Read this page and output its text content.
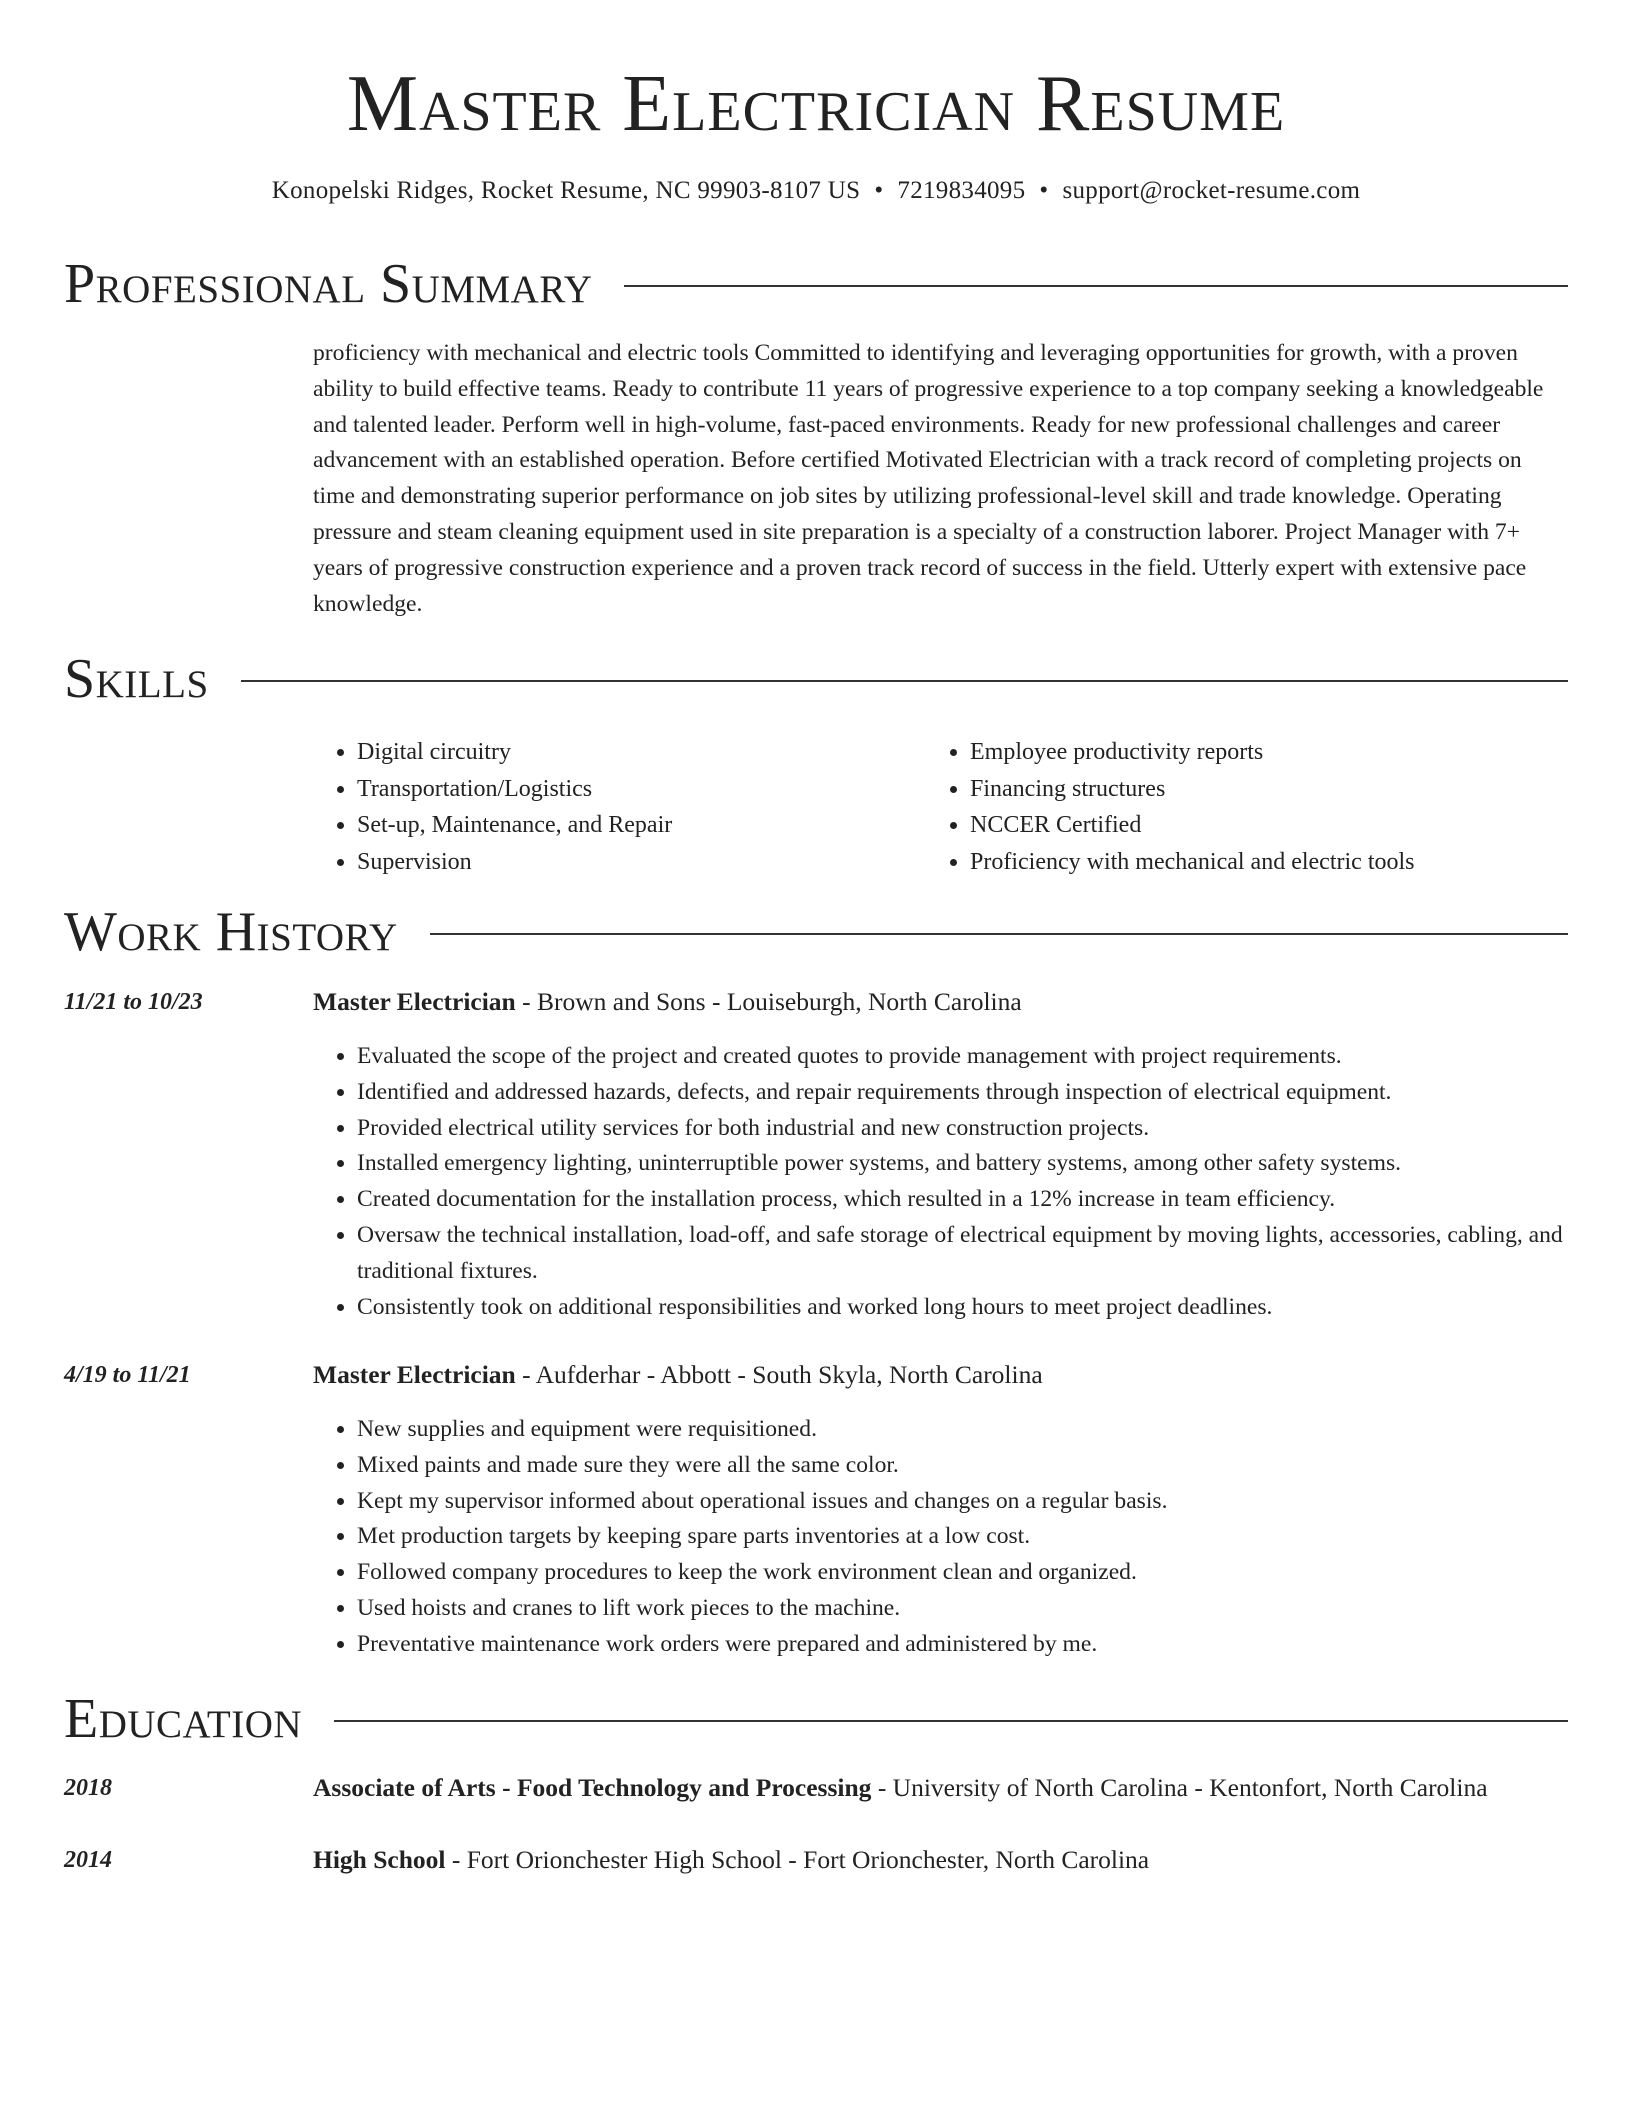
Master Electrician Resume
Konopelski Ridges, Rocket Resume, NC 99903-8107 US • 7219834095 • support@rocket-resume.com
Professional Summary

proficiency with mechanical and electric tools Committed to identifying and leveraging opportunities for growth, with a proven ability to build effective teams. Ready to contribute 11 years of progressive experience to a top company seeking a knowledgeable and talented leader. Perform well in high-volume, fast-paced environments. Ready for new professional challenges and career advancement with an established operation. Before certified Motivated Electrician with a track record of completing projects on time and demonstrating superior performance on job sites by utilizing professional-level skill and trade knowledge. Operating pressure and steam cleaning equipment used in site preparation is a specialty of a construction laborer. Project Manager with 7+ years of progressive construction experience and a proven track record of success in the field. Utterly expert with extensive pace knowledge.

Skills
• Digital circuitry
• Transportation/Logistics
• Set-up, Maintenance, and Repair
• Supervision
• Employee productivity reports
• Financing structures
• NCCER Certified
• Proficiency with mechanical and electric tools
Work History
11/21 to 10/23	Master Electrician - Brown and Sons - Louiseburgh, North Carolina
• Evaluated the scope of the project and created quotes to provide management with project requirements.
• Identified and addressed hazards, defects, and repair requirements through inspection of electrical equipment.
• Provided electrical utility services for both industrial and new construction projects.
• Installed emergency lighting, uninterruptible power systems, and battery systems, among other safety systems.
• Created documentation for the installation process, which resulted in a 12% increase in team efficiency.
• Oversaw the technical installation, load-off, and safe storage of electrical equipment by moving lights, accessories, cabling, and traditional fixtures.
• Consistently took on additional responsibilities and worked long hours to meet project deadlines.
4/19 to 11/21	Master Electrician - Aufderhar - Abbott - South Skyla, North Carolina
• New supplies and equipment were requisitioned.
• Mixed paints and made sure they were all the same color.
• Kept my supervisor informed about operational issues and changes on a regular basis.
• Met production targets by keeping spare parts inventories at a low cost.
• Followed company procedures to keep the work environment clean and organized.
• Used hoists and cranes to lift work pieces to the machine.
• Preventative maintenance work orders were prepared and administered by me.
Education
2018	Associate of Arts - Food Technology and Processing - University of North Carolina - Kentonfort, North Carolina
2014	High School - Fort Orionchester High School - Fort Orionchester, North Carolina
